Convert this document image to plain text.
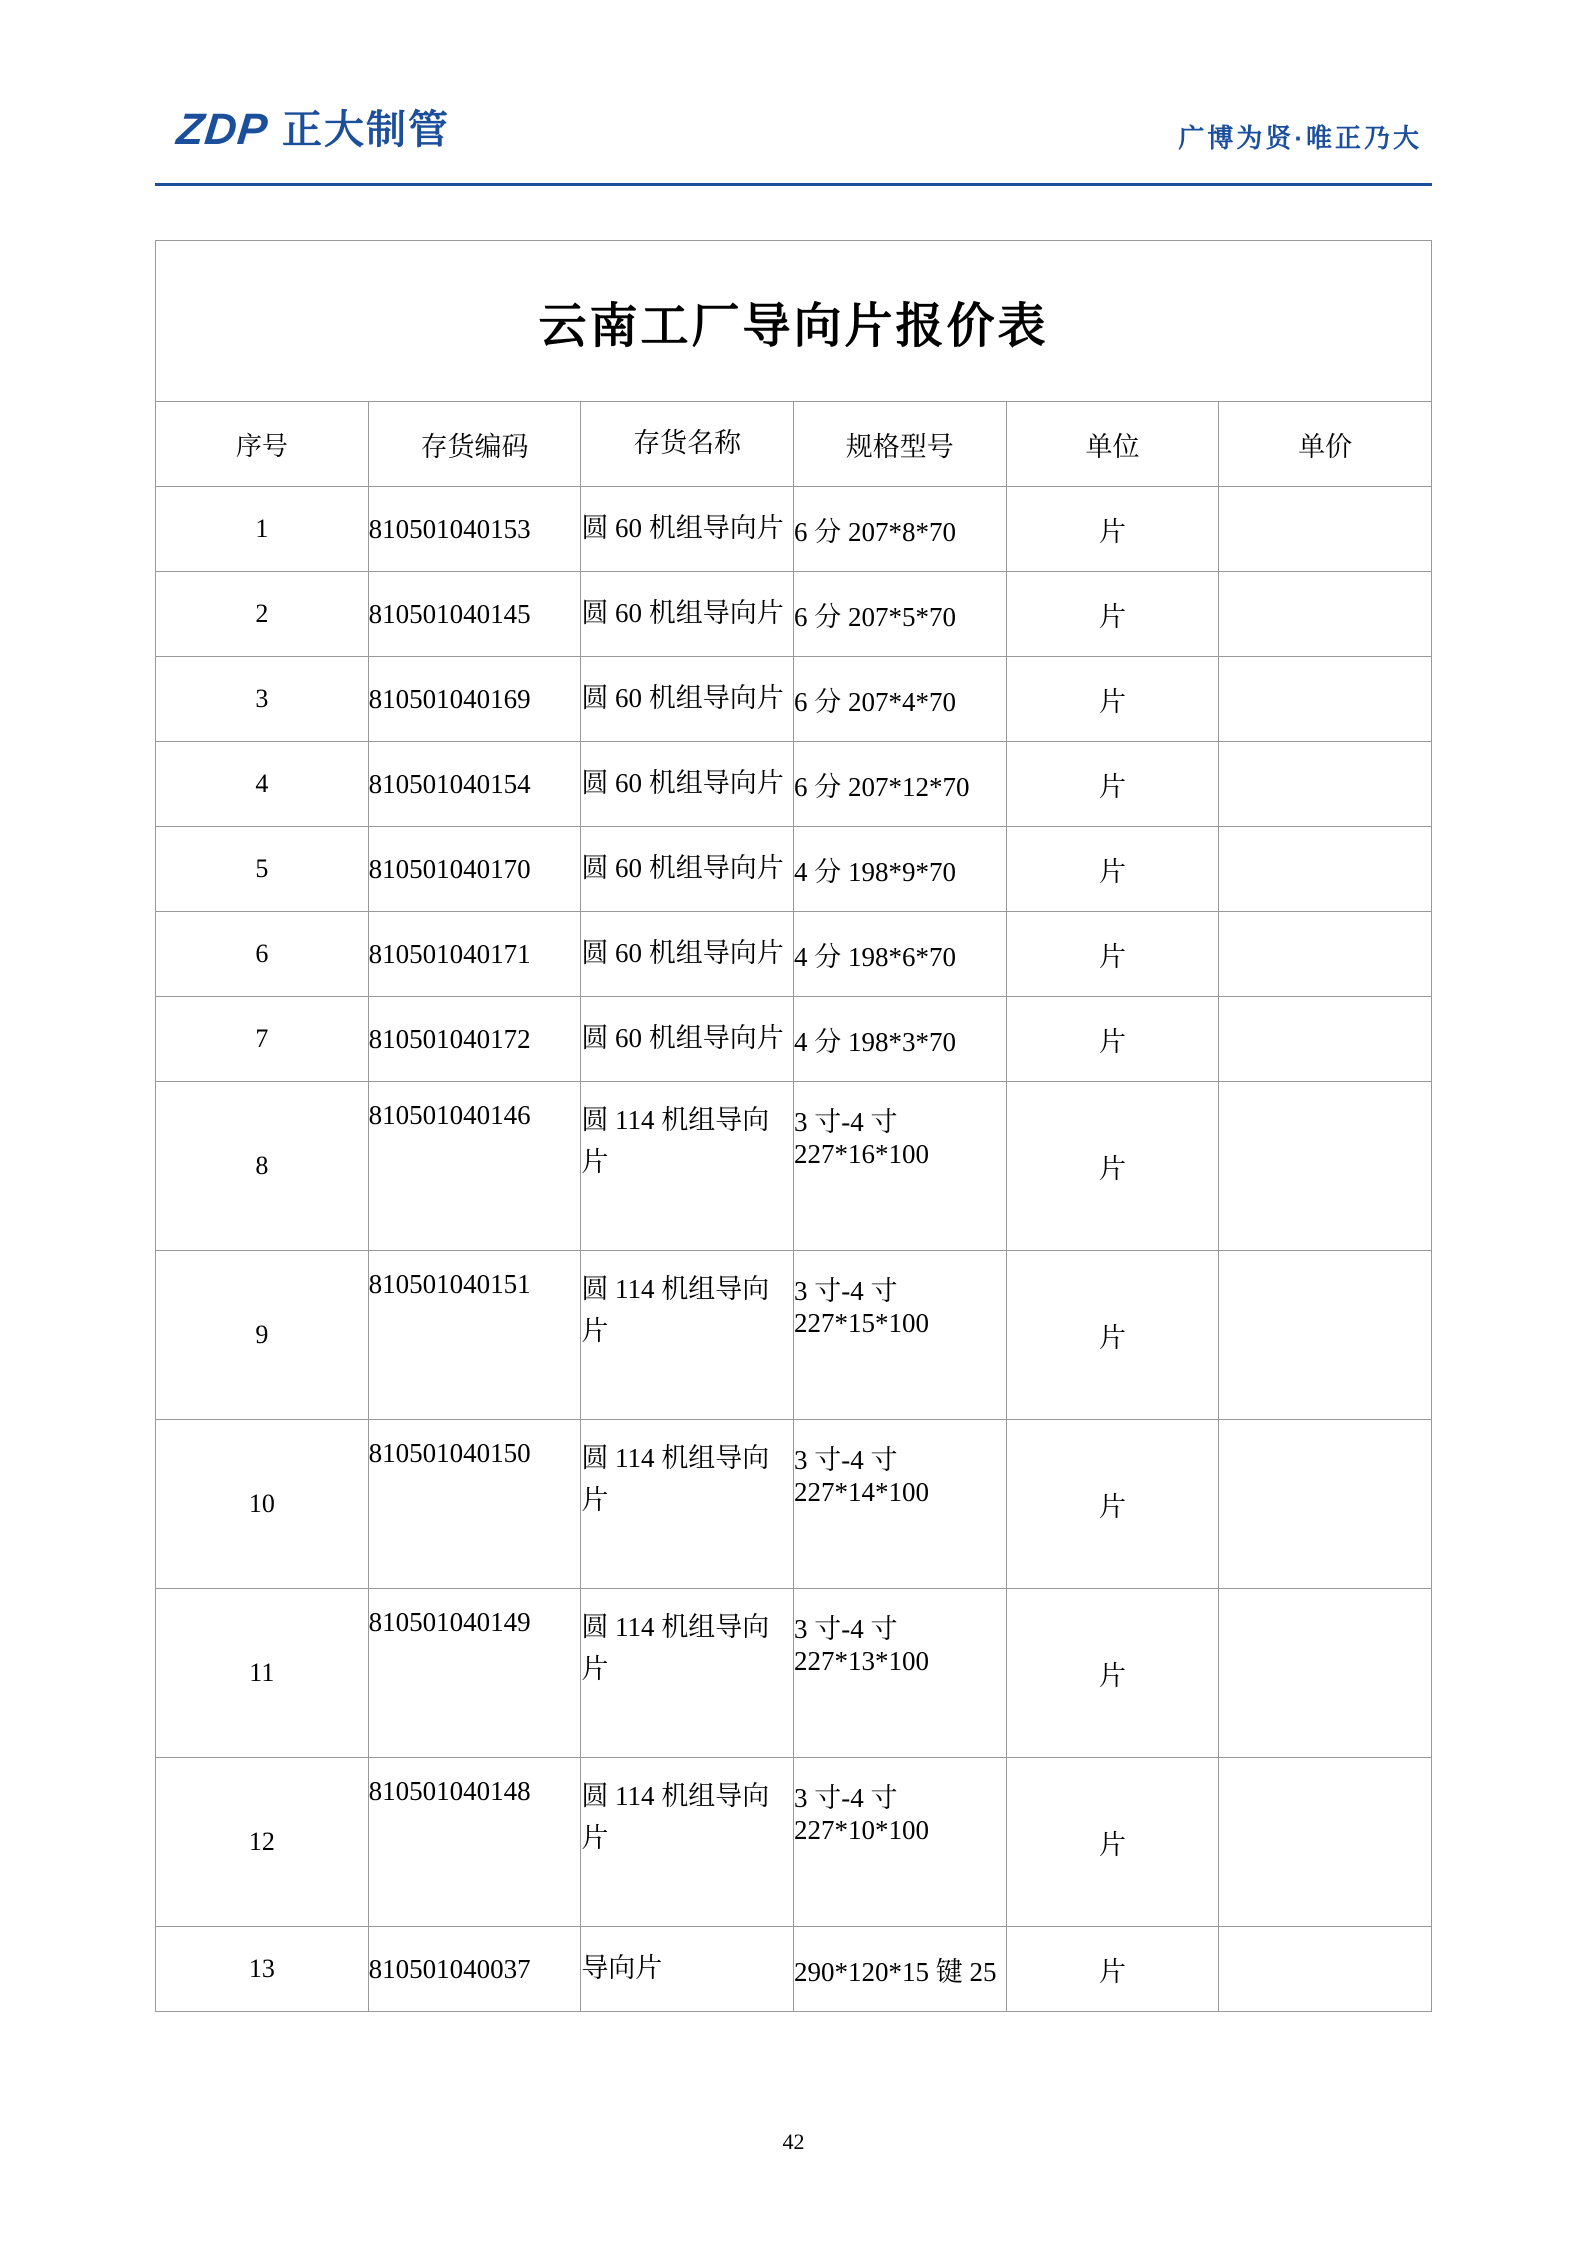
ZDP 正大制管	广博为贤·唯正乃大
云南工厂导向片报价表					
序号	存货编码	存货名称	规格型号	单位	单价
1	810501040153	圆 60 机组导向片	6 分 207*8*70	片	
2	810501040145	圆 60 机组导向片	6 分 207*5*70	片	
3	810501040169	圆 60 机组导向片	6 分 207*4*70	片	
4	810501040154	圆 60 机组导向片	6 分 207*12*70	片	
5	810501040170	圆 60 机组导向片	4 分 198*9*70	片	
6	810501040171	圆 60 机组导向片	4 分 198*6*70	片	
7	810501040172	圆 60 机组导向片	4 分 198*3*70	片	
8	810501040146	圆 114 机组导向片	3 寸-4 寸 227*16*100	片	
9	810501040151	圆 114 机组导向片	3 寸-4 寸 227*15*100	片	
10	810501040150	圆 114 机组导向片	3 寸-4 寸 227*14*100	片	
11	810501040149	圆 114 机组导向片	3 寸-4 寸 227*13*100	片	
12	810501040148	圆 114 机组导向片	3 寸-4 寸 227*10*100	片	
13	810501040037	导向片	290*120*15 键 25	片	
42
